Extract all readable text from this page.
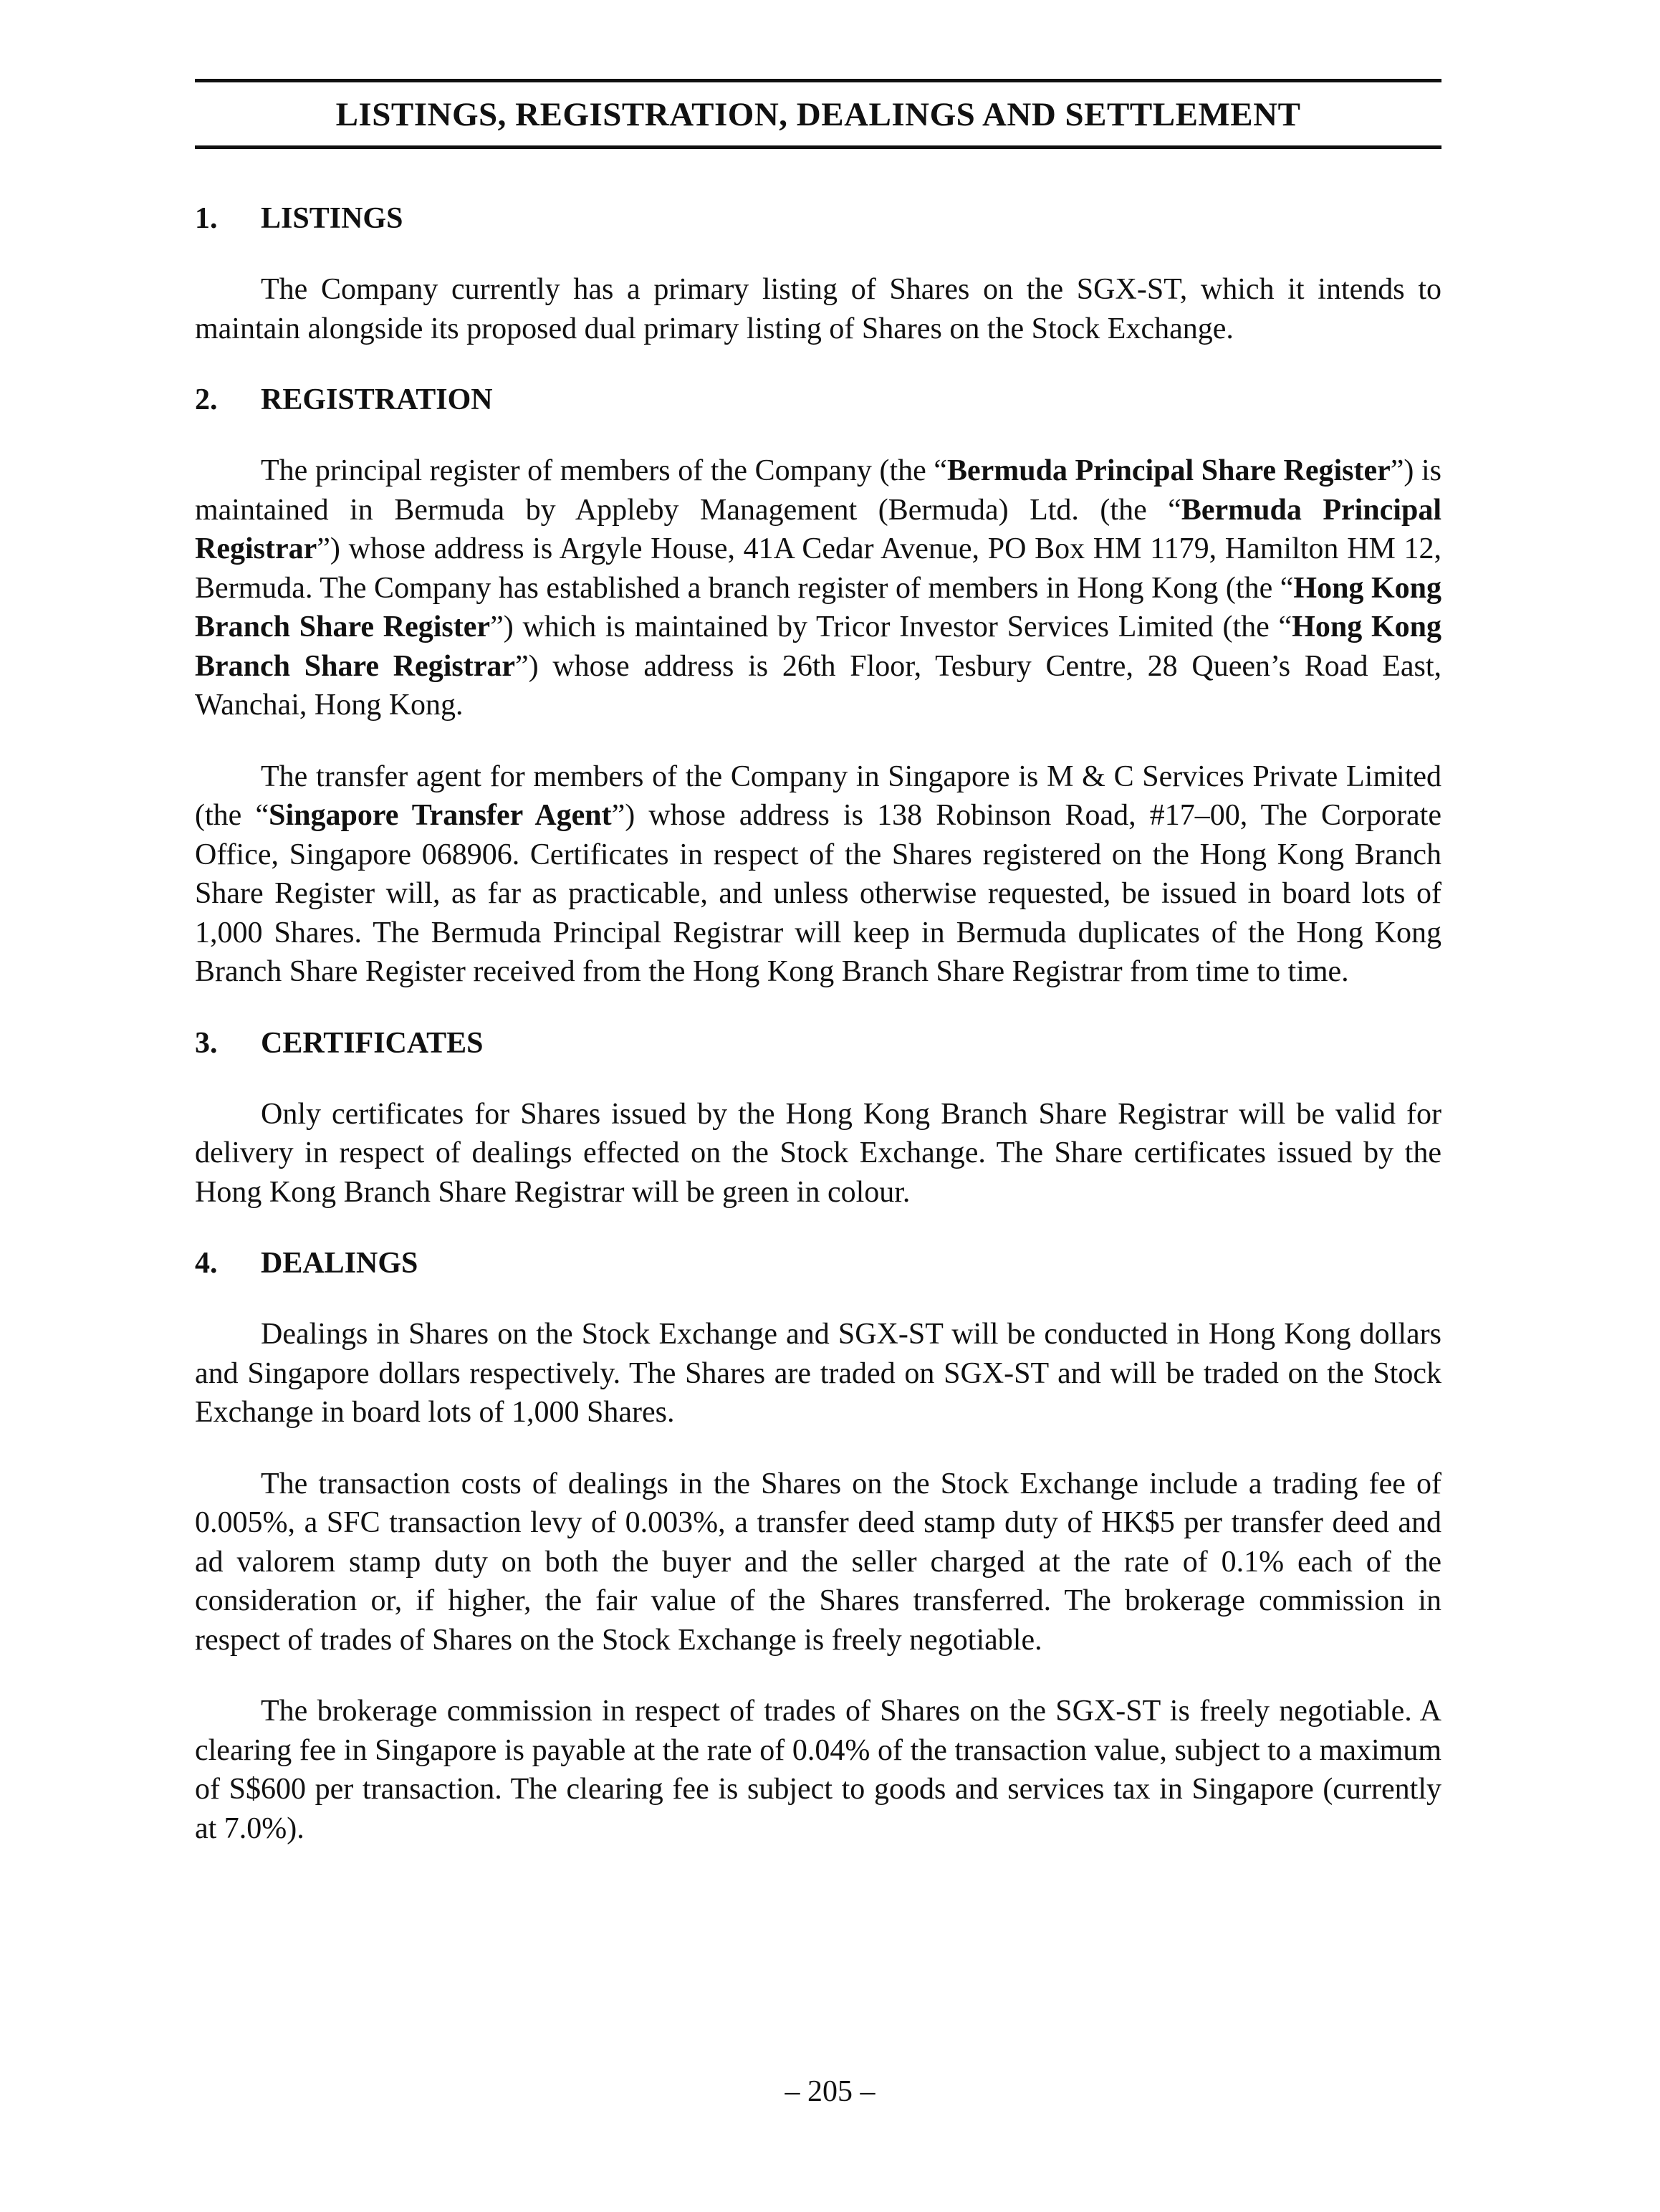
LISTINGS, REGISTRATION, DEALINGS AND SETTLEMENT
1.	LISTINGS

The Company currently has a primary listing of Shares on the SGX-ST, which it intends to maintain alongside its proposed dual primary listing of Shares on the Stock Exchange.

2.	REGISTRATION

The principal register of members of the Company (the “Bermuda Principal Share Register”) is maintained in Bermuda by Appleby Management (Bermuda) Ltd. (the “Bermuda Principal Registrar”) whose address is Argyle House, 41A Cedar Avenue, PO Box HM 1179, Hamilton HM 12, Bermuda. The Company has established a branch register of members in Hong Kong (the “Hong Kong Branch Share Register”) which is maintained by Tricor Investor Services Limited (the “Hong Kong Branch Share Registrar”) whose address is 26th Floor, Tesbury Centre, 28 Queen’s Road East, Wanchai, Hong Kong.

The transfer agent for members of the Company in Singapore is M & C Services Private Limited (the “Singapore Transfer Agent”) whose address is 138 Robinson Road, #17–00, The Corporate Office, Singapore 068906. Certificates in respect of the Shares registered on the Hong Kong Branch Share Register will, as far as practicable, and unless otherwise requested, be issued in board lots of 1,000 Shares. The Bermuda Principal Registrar will keep in Bermuda duplicates of the Hong Kong Branch Share Register received from the Hong Kong Branch Share Registrar from time to time.

3.	CERTIFICATES

Only certificates for Shares issued by the Hong Kong Branch Share Registrar will be valid for delivery in respect of dealings effected on the Stock Exchange. The Share certificates issued by the Hong Kong Branch Share Registrar will be green in colour.

4.	DEALINGS

Dealings in Shares on the Stock Exchange and SGX-ST will be conducted in Hong Kong dollars and Singapore dollars respectively. The Shares are traded on SGX-ST and will be traded on the Stock Exchange in board lots of 1,000 Shares.

The transaction costs of dealings in the Shares on the Stock Exchange include a trading fee of 0.005%, a SFC transaction levy of 0.003%, a transfer deed stamp duty of HK$5 per transfer deed and ad valorem stamp duty on both the buyer and the seller charged at the rate of 0.1% each of the consideration or, if higher, the fair value of the Shares transferred. The brokerage commission in respect of trades of Shares on the Stock Exchange is freely negotiable.

The brokerage commission in respect of trades of Shares on the SGX-ST is freely negotiable. A clearing fee in Singapore is payable at the rate of 0.04% of the transaction value, subject to a maximum of S$600 per transaction. The clearing fee is subject to goods and services tax in Singapore (currently at 7.0%).

– 205 –
